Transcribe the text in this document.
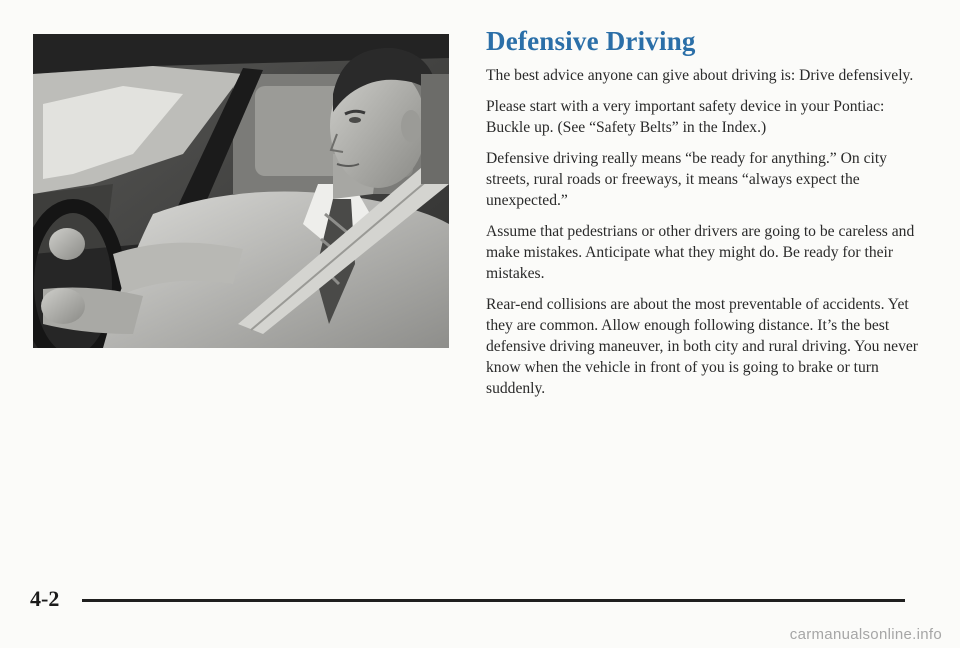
Defensive Driving

The best advice anyone can give about driving is: Drive defensively.

Please start with a very important safety device in your Pontiac: Buckle up. (See “Safety Belts” in the Index.)

Defensive driving really means “be ready for anything.” On city streets, rural roads or freeways, it means “always expect the unexpected.”

Assume that pedestrians or other drivers are going to be careless and make mistakes. Anticipate what they might do. Be ready for their mistakes.

Rear-end collisions are about the most preventable of accidents. Yet they are common. Allow enough following distance. It’s the best defensive driving maneuver, in both city and rural driving. You never know when the vehicle in front of you is going to brake or turn suddenly.

4-2
carmanualsonline.info
